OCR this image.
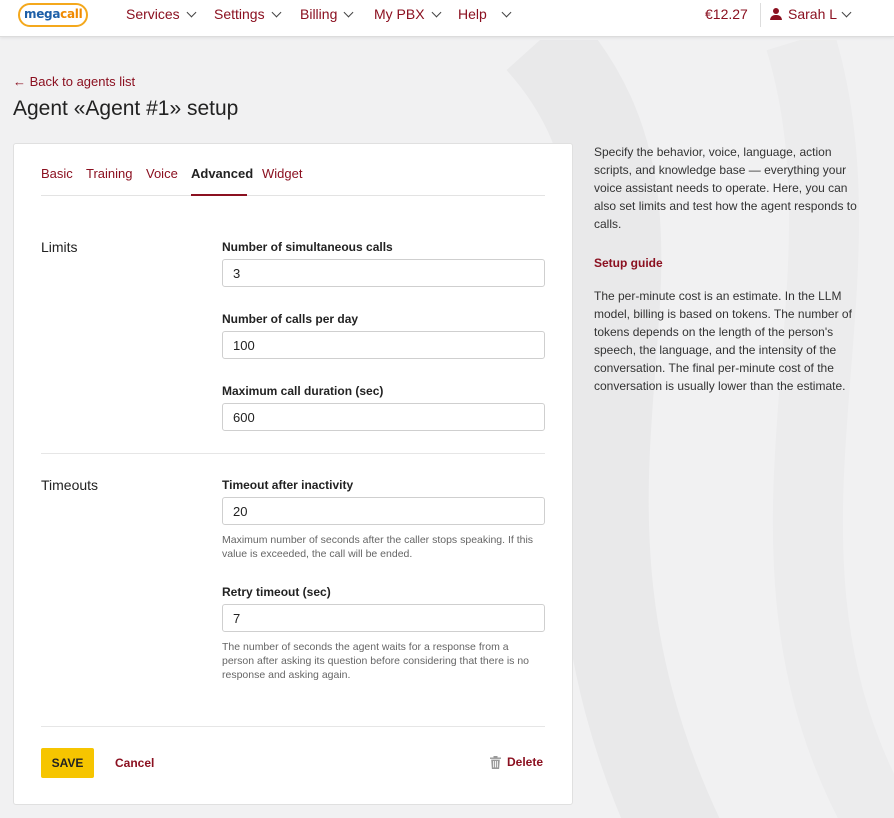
megacall	Services Settings	Billing	My PBX Help	€12.27	Sarah L
← Back to agents list
Agent «Agent #1» setup
Basic Training Voice Advanced Widget
Limits	Number of simultaneous calls
3
Number of calls per day
100
Maximum call duration (sec)
600
Timeouts	Timeout after inactivity
20
Maximum number of seconds after the caller stops speaking. If this value is exceeded, the call will be ended.
Retry timeout (sec)
7
The number of seconds the agent waits for a response from a person after asking its question before considering that there is no response and asking again.
SAVE	Cancel	Delete

Specify the behavior, voice, language, action scripts, and knowledge base — everything your voice assistant needs to operate. Here, you can also set limits and test how the agent responds to calls.

Setup guide

The per-minute cost is an estimate. In the LLM model, billing is based on tokens. The number of tokens depends on the length of the person's speech, the language, and the intensity of the conversation. The final per-minute cost of the conversation is usually lower than the estimate.
